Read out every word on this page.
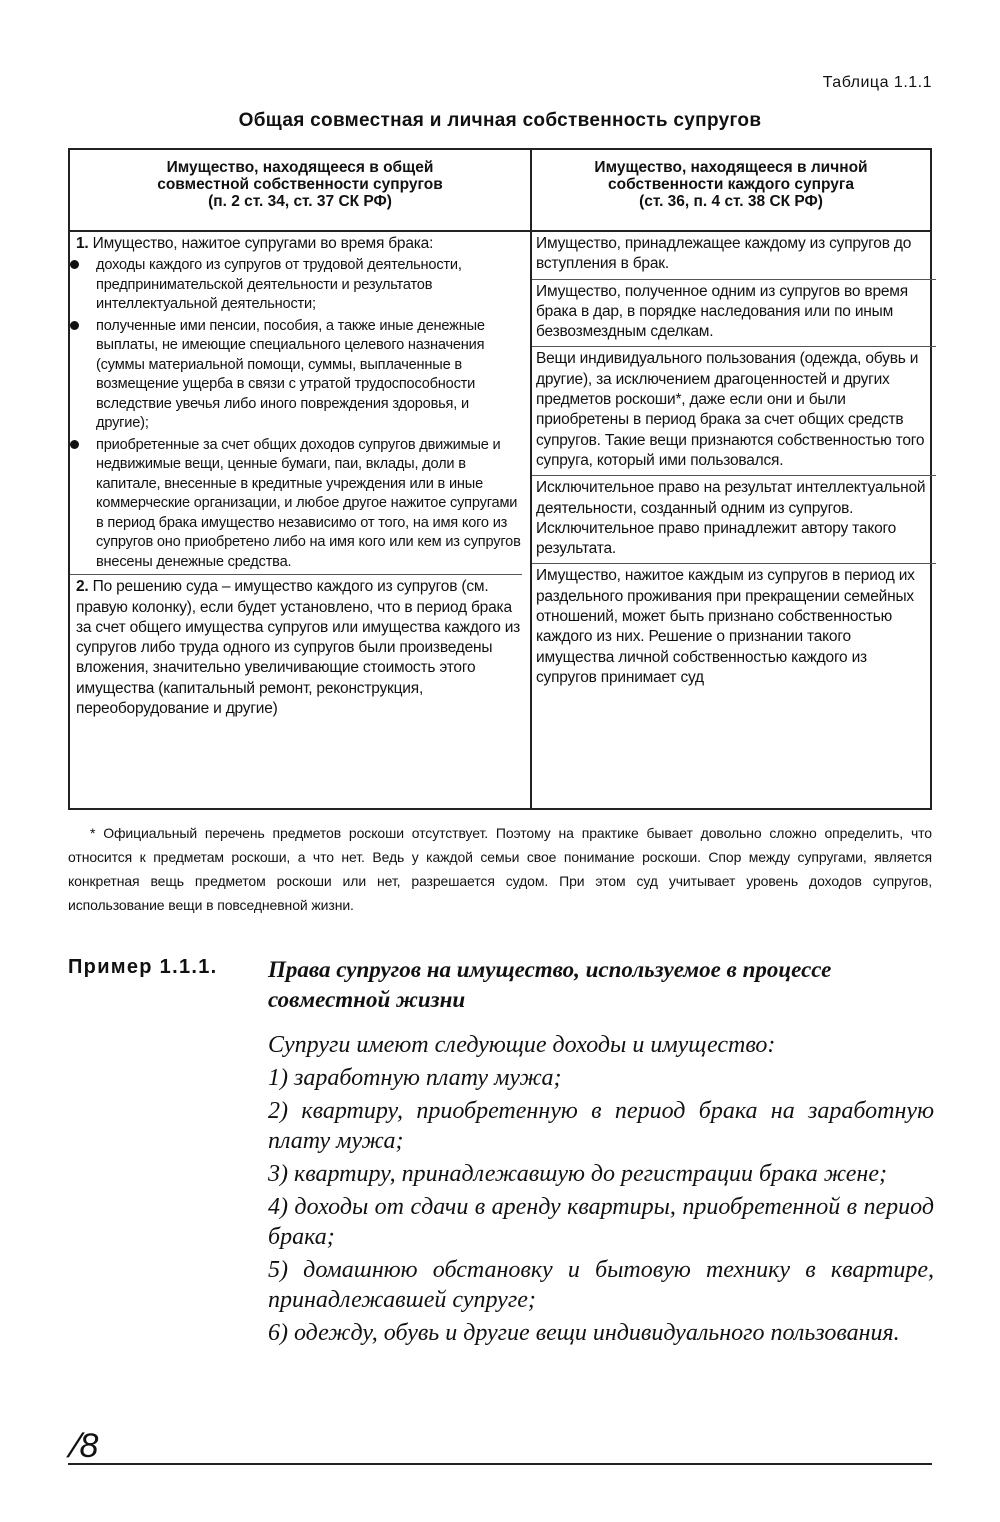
Таблица 1.1.1
Общая совместная и личная собственность супругов
Имущество, находящееся в общей
совместной собственности супругов
(п. 2 ст. 34, ст. 37 СК РФ)
Имущество, находящееся в личной
собственности каждого супруга
(ст. 36, п. 4 ст. 38 СК РФ)
1. Имущество, нажитое супругами во время брака:
доходы каждого из супругов от трудовой деятельности, предпринимательской деятельности и результатов интеллектуальной деятельности;
полученные ими пенсии, пособия, а также иные денежные выплаты, не имеющие специального целевого назначения (суммы материальной помощи, суммы, выплаченные в возмещение ущерба в связи с утратой трудоспособности вследствие увечья либо иного повреждения здоровья, и другие);
приобретенные за счет общих доходов супругов движимые и недвижимые вещи, ценные бумаги, паи, вклады, доли в капитале, внесенные в кредитные учреждения или в иные коммерческие организации, и любое другое нажитое супругами в период брака имущество независимо от того, на имя кого из супругов оно приобретено либо на имя кого или кем из супругов внесены денежные средства.
2. По решению суда – имущество каждого из супругов (см. правую колонку), если будет установлено, что в период брака за счет общего имущества супругов или имущества каждого из супругов либо труда одного из супругов были произведены вложения, значительно увеличивающие стоимость этого имущества (капитальный ремонт, реконструкция, переоборудование и другие)

Имущество, принадлежащее каждому из супругов до вступления в брак.

Имущество, полученное одним из супругов во время брака в дар, в порядке наследования или по иным безвозмездным сделкам.

Вещи индивидуального пользования (одежда, обувь и другие), за исключением драгоценностей и других предметов роскоши*, даже если они и были приобретены в период брака за счет общих средств супругов. Такие вещи признаются собственностью того супруга, который ими пользовался.

Исключительное право на результат интеллектуальной деятельности, созданный одним из супругов. Исключительное право принадлежит автору такого результата.

Имущество, нажитое каждым из супругов в период их раздельного проживания при прекращении семейных отношений, может быть признано собственностью каждого из них. Решение о признании такого имущества личной собственностью каждого из супругов принимает суд

* Официальный перечень предметов роскоши отсутствует. Поэтому на практике бывает довольно сложно определить, что относится к предметам роскоши, а что нет. Ведь у каждой семьи свое понимание роскоши. Спор между супругами, является конкретная вещь предметом роскоши или нет, разрешается судом. При этом суд учитывает уровень доходов супругов, использование вещи в повседневной жизни.

Пример 1.1.1. Права супругов на имущество, используемое в процессе совместной жизни

Супруги имеют следующие доходы и имущество:

1) заработную плату мужа;

2) квартиру, приобретенную в период брака на заработную плату мужа;

3) квартиру, принадлежавшую до регистрации брака жене;

4) доходы от сдачи в аренду квартиры, приобретенной в период брака;

5) домашнюю обстановку и бытовую технику в квартире, принадлежавшей супруге;

6) одежду, обувь и другие вещи индивидуального пользования.

/8
